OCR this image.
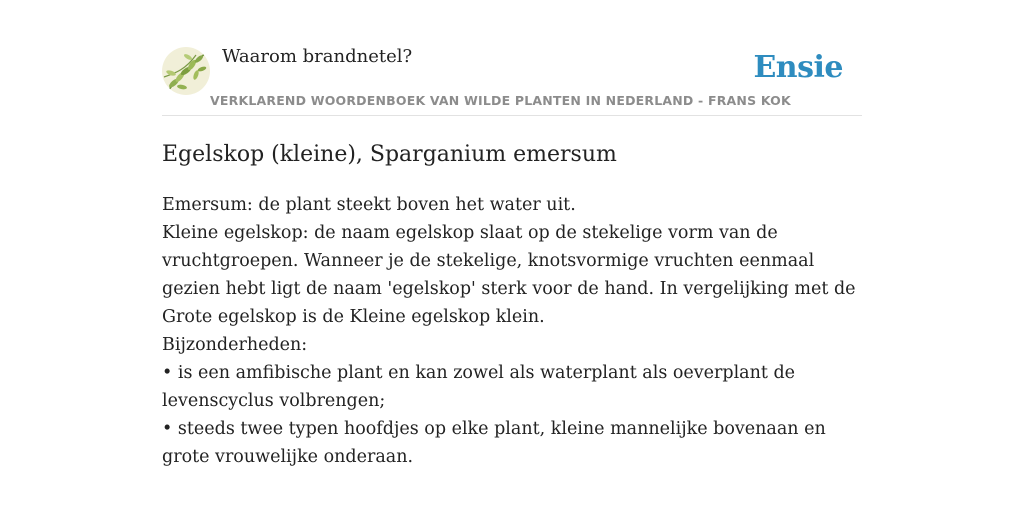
Waarom brandnetel?
VERKLAREND WOORDENBOEK VAN WILDE PLANTEN IN NEDERLAND - FRANS KOK
Ensie
Egelskop (kleine), Sparganium emersum

Emersum: de plant steekt boven het water uit.

Kleine egelskop: de naam egelskop slaat op de stekelige vorm van de vruchtgroepen. Wanneer je de stekelige, knotsvormige vruchten eenmaal gezien hebt ligt de naam 'egelskop' sterk voor de hand. In vergelijking met de Grote egelskop is de Kleine egelskop klein.

Bijzonderheden:

• is een amfibische plant en kan zowel als waterplant als oeverplant de levenscyclus volbrengen;

• steeds twee typen hoofdjes op elke plant, kleine mannelijke bovenaan en grote vrouwelijke onderaan.
